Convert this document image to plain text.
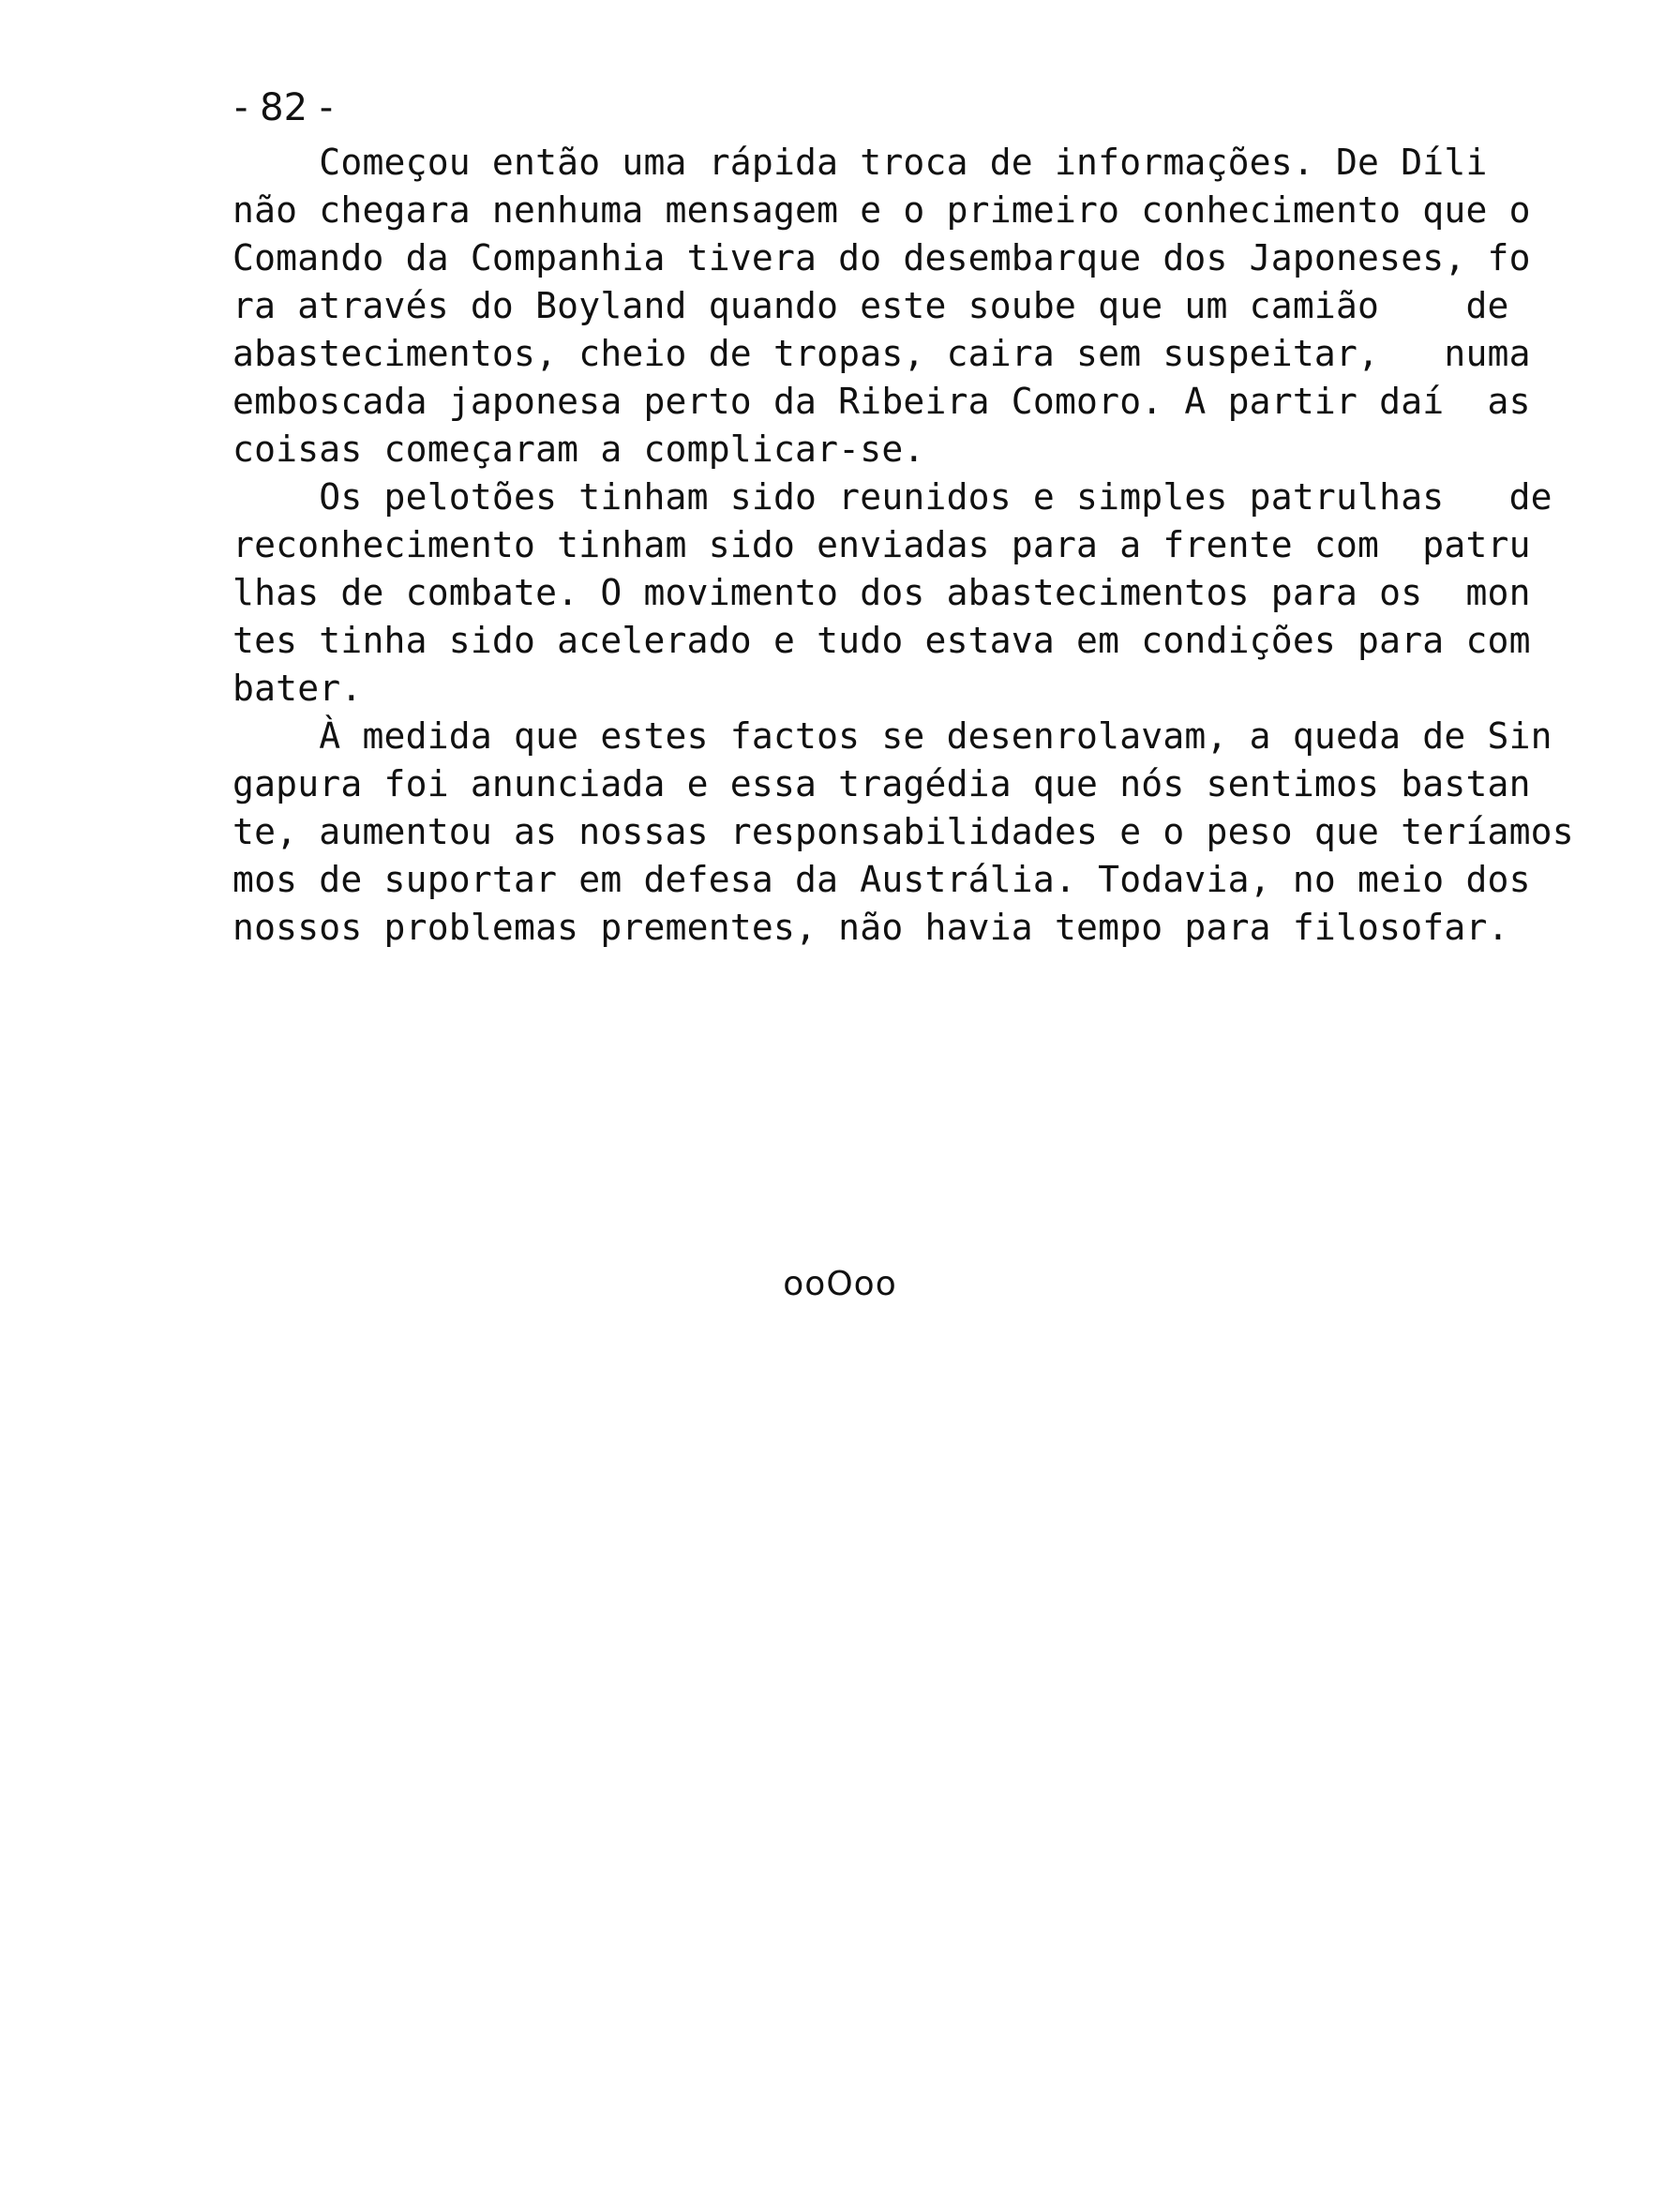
- 82 -
Começou então uma rápida troca de informações. De Díli
não chegara nenhuma mensagem e o primeiro conhecimento que o
Comando da Companhia tivera do desembarque dos Japoneses, fo
ra através do Boyland quando este soube que um camião    de
abastecimentos, cheio de tropas, caira sem suspeitar,   numa
emboscada japonesa perto da Ribeira Comoro. A partir daí  as
coisas começaram a complicar-se.
Os pelotões tinham sido reunidos e simples patrulhas   de
reconhecimento tinham sido enviadas para a frente com  patru
lhas de combate. O movimento dos abastecimentos para os  mon
tes tinha sido acelerado e tudo estava em condições para com
bater.
À medida que estes factos se desenrolavam, a queda de Sin
gapura foi anunciada e essa tragédia que nós sentimos bastan
te, aumentou as nossas responsabilidades e o peso que teríamos
mos de suportar em defesa da Austrália. Todavia, no meio dos
nossos problemas prementes, não havia tempo para filosofar.
ooOoo
